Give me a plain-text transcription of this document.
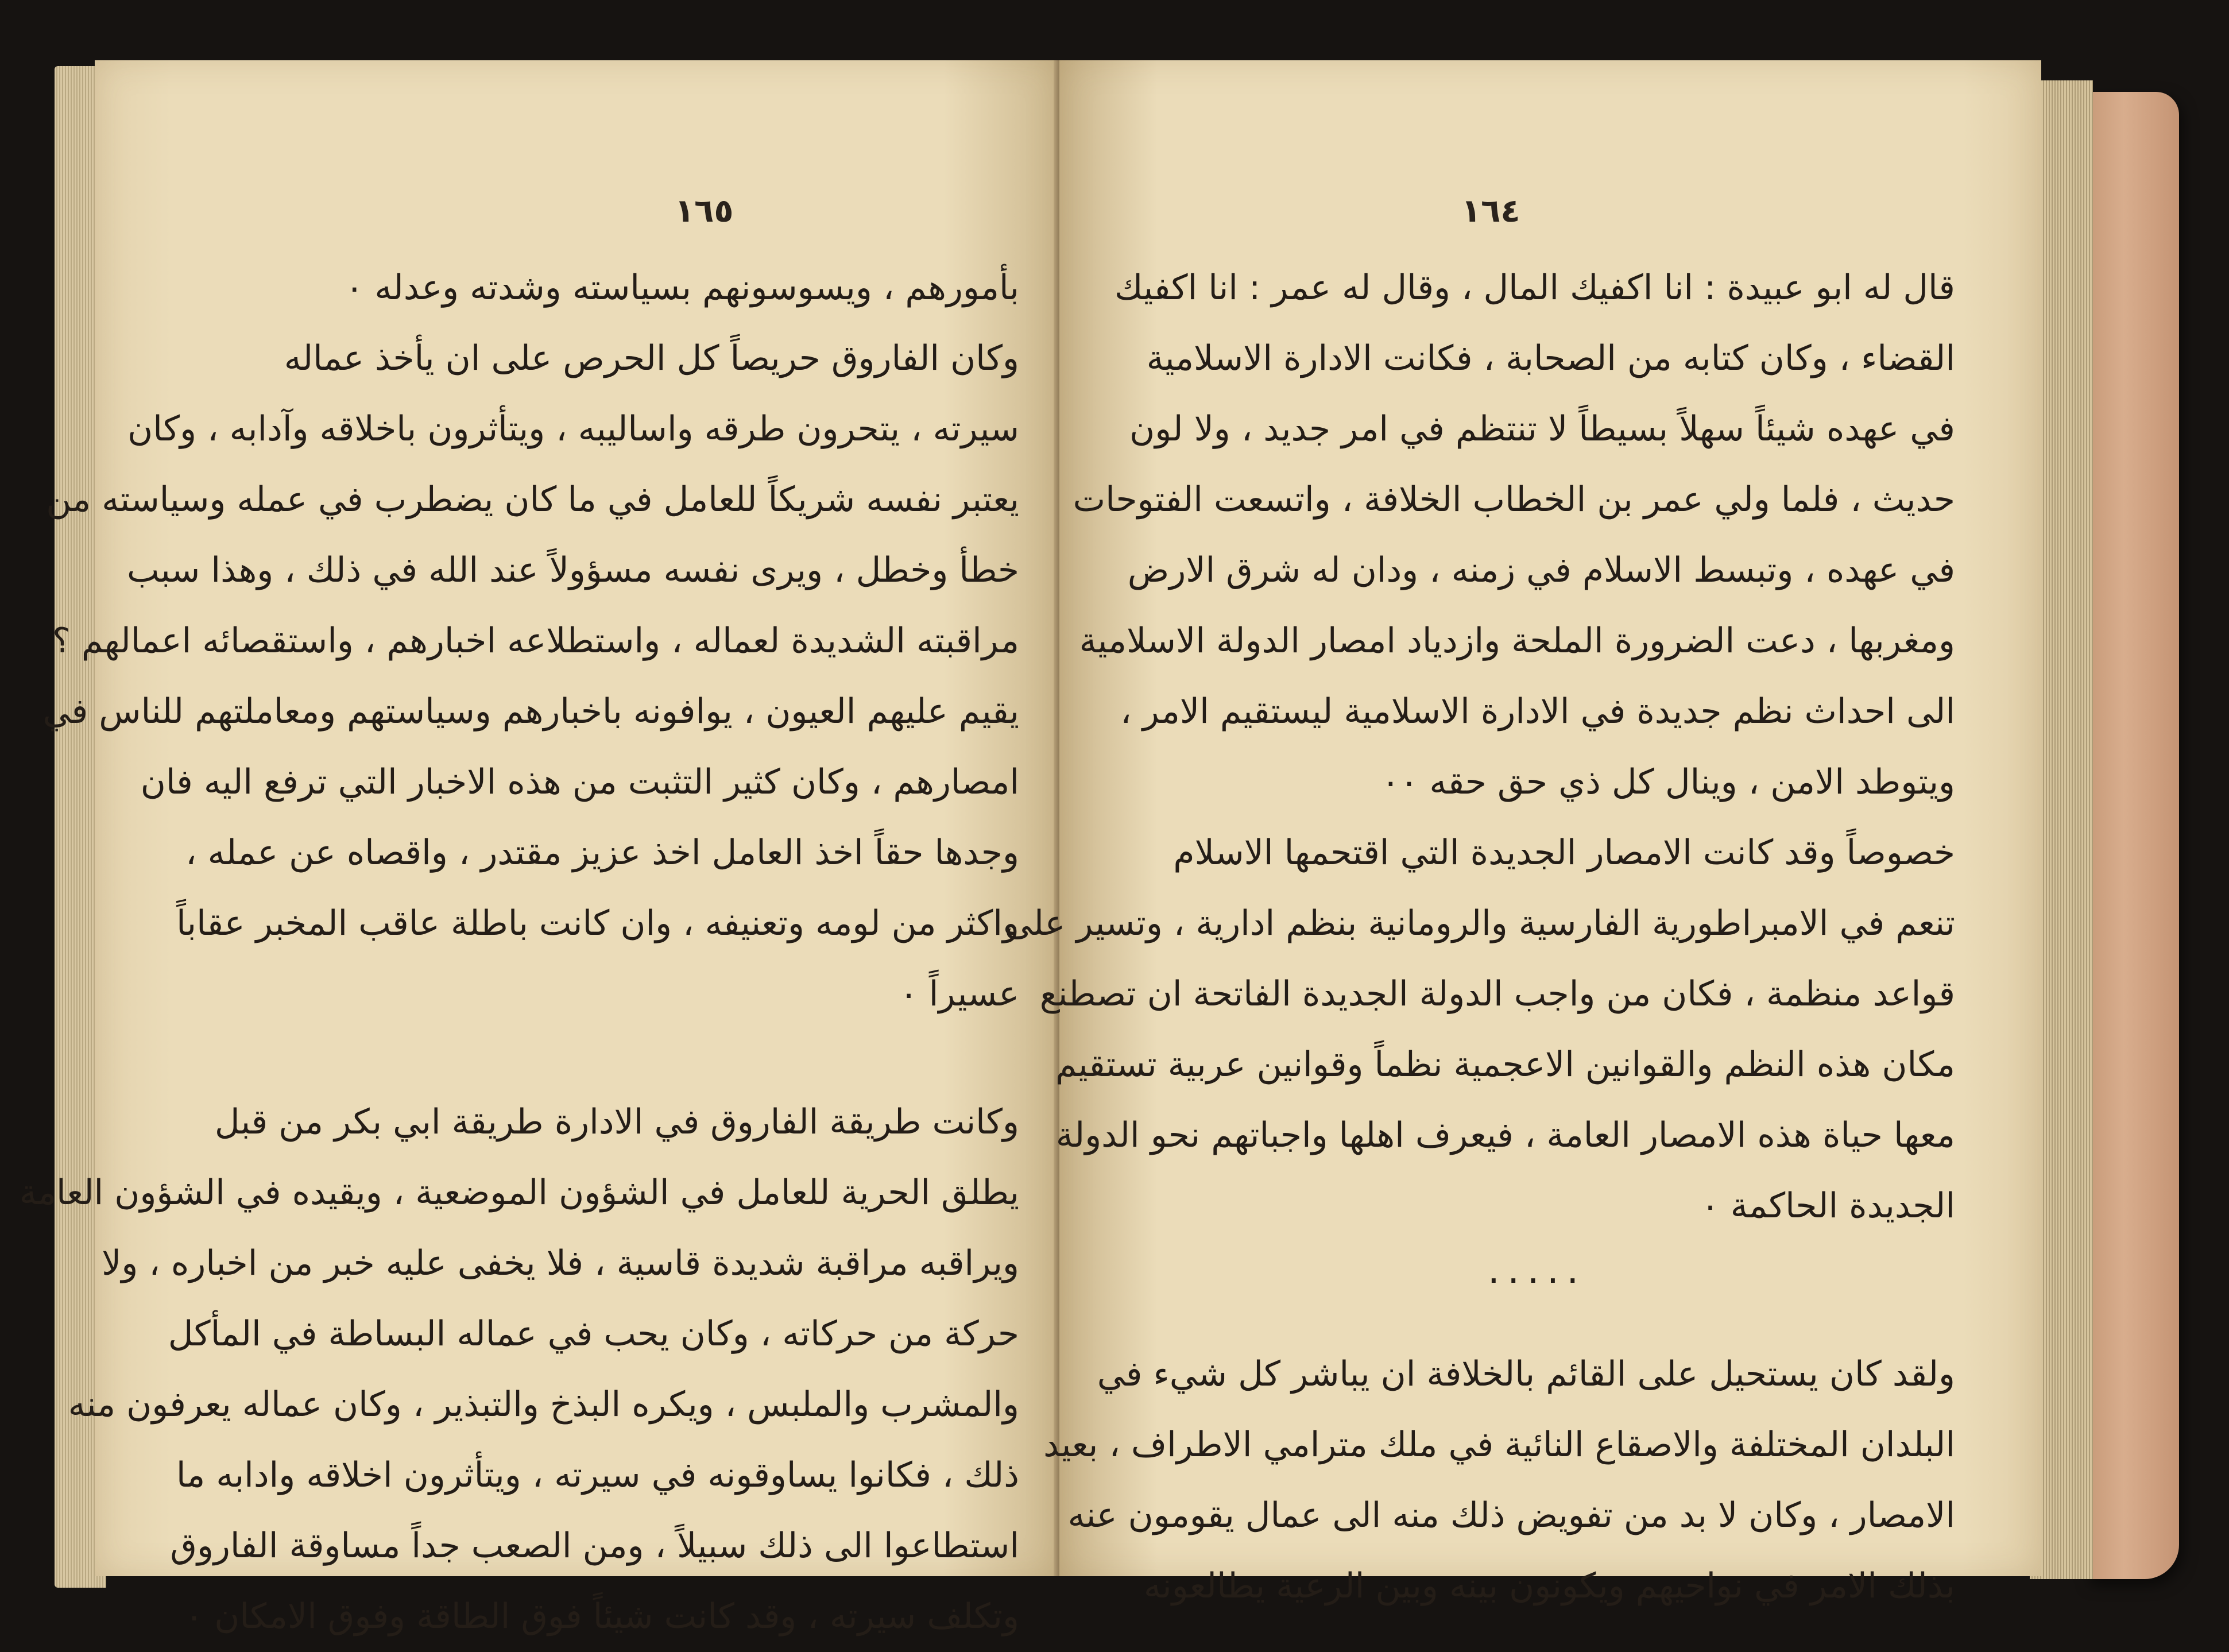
١٦٥

بأمورهم ، ويسوسونهم بسياسته وشدته وعدله ٠

وكان الفاروق حريصاً كل الحرص على ان يأخذ عماله

سيرته ، يتحرون طرقه واساليبه ، ويتأثرون باخلاقه وآدابه ، وكان

يعتبر نفسه شريكاً للعامل في ما كان يضطرب في عمله وسياسته من

خطأ وخطل ، ويرى نفسه مسؤولاً عند الله في ذلك ، وهذا سبب

مراقبته الشديدة لعماله ، واستطلاعه اخبارهم ، واستقصائه اعمالهم ؟

يقيم عليهم العيون ، يوافونه باخبارهم وسياستهم ومعاملتهم للناس في

امصارهم ، وكان كثير التثبت من هذه الاخبار التي ترفع اليه فان

وجدها حقاً اخذ العامل اخذ عزيز مقتدر ، واقصاه عن عمله ،

واكثر من لومه وتعنيفه ، وان كانت باطلة عاقب المخبر عقاباً

عسيراً ٠

وكانت طريقة الفاروق في الادارة طريقة ابي بكر من قبل

يطلق الحرية للعامل في الشؤون الموضعية ، ويقيده في الشؤون العامة

ويراقبه مراقبة شديدة قاسية ، فلا يخفى عليه خبر من اخباره ، ولا

حركة من حركاته ، وكان يحب في عماله البساطة في المأكل

والمشرب والملبس ، ويكره البذخ والتبذير ، وكان عماله يعرفون منه

ذلك ، فكانوا يساوقونه في سيرته ، ويتأثرون اخلاقه وادابه ما

استطاعوا الى ذلك سبيلاً ، ومن الصعب جداً مساوقة الفاروق

وتكلف سيرته ، وقد كانت شيئاً فوق الطاقة وفوق الامكان ٠

١٦٤

قال له ابو عبيدة : انا اكفيك المال ، وقال له عمر : انا اكفيك

القضاء ، وكان كتابه من الصحابة ، فكانت الادارة الاسلامية

في عهده شيئاً سهلاً بسيطاً لا تنتظم في امر جديد ، ولا لون

حديث ، فلما ولي عمر بن الخطاب الخلافة ، واتسعت الفتوحات

في عهده ، وتبسط الاسلام في زمنه ، ودان له شرق الارض

ومغربها ، دعت الضرورة الملحة وازدياد امصار الدولة الاسلامية

الى احداث نظم جديدة في الادارة الاسلامية ليستقيم الامر ،

ويتوطد الامن ، وينال كل ذي حق حقه ٠٠

خصوصاً وقد كانت الامصار الجديدة التي اقتحمها الاسلام

تنعم في الامبراطورية الفارسية والرومانية بنظم ادارية ، وتسير على

قواعد منظمة ، فكان من واجب الدولة الجديدة الفاتحة ان تصطنع

مكان هذه النظم والقوانين الاعجمية نظماً وقوانين عربية تستقيم

معها حياة هذه الامصار العامة ، فيعرف اهلها واجباتهم نحو الدولة

الجديدة الحاكمة ٠

٠٠٠٠٠

ولقد كان يستحيل على القائم بالخلافة ان يباشر كل شيء في

البلدان المختلفة والاصقاع النائية في ملك مترامي الاطراف ، بعيد

الامصار ، وكان لا بد من تفويض ذلك منه الى عمال يقومون عنه

بذلك الامر في نواحيهم ويكونون بينه وبين الرعية يطالعونه
